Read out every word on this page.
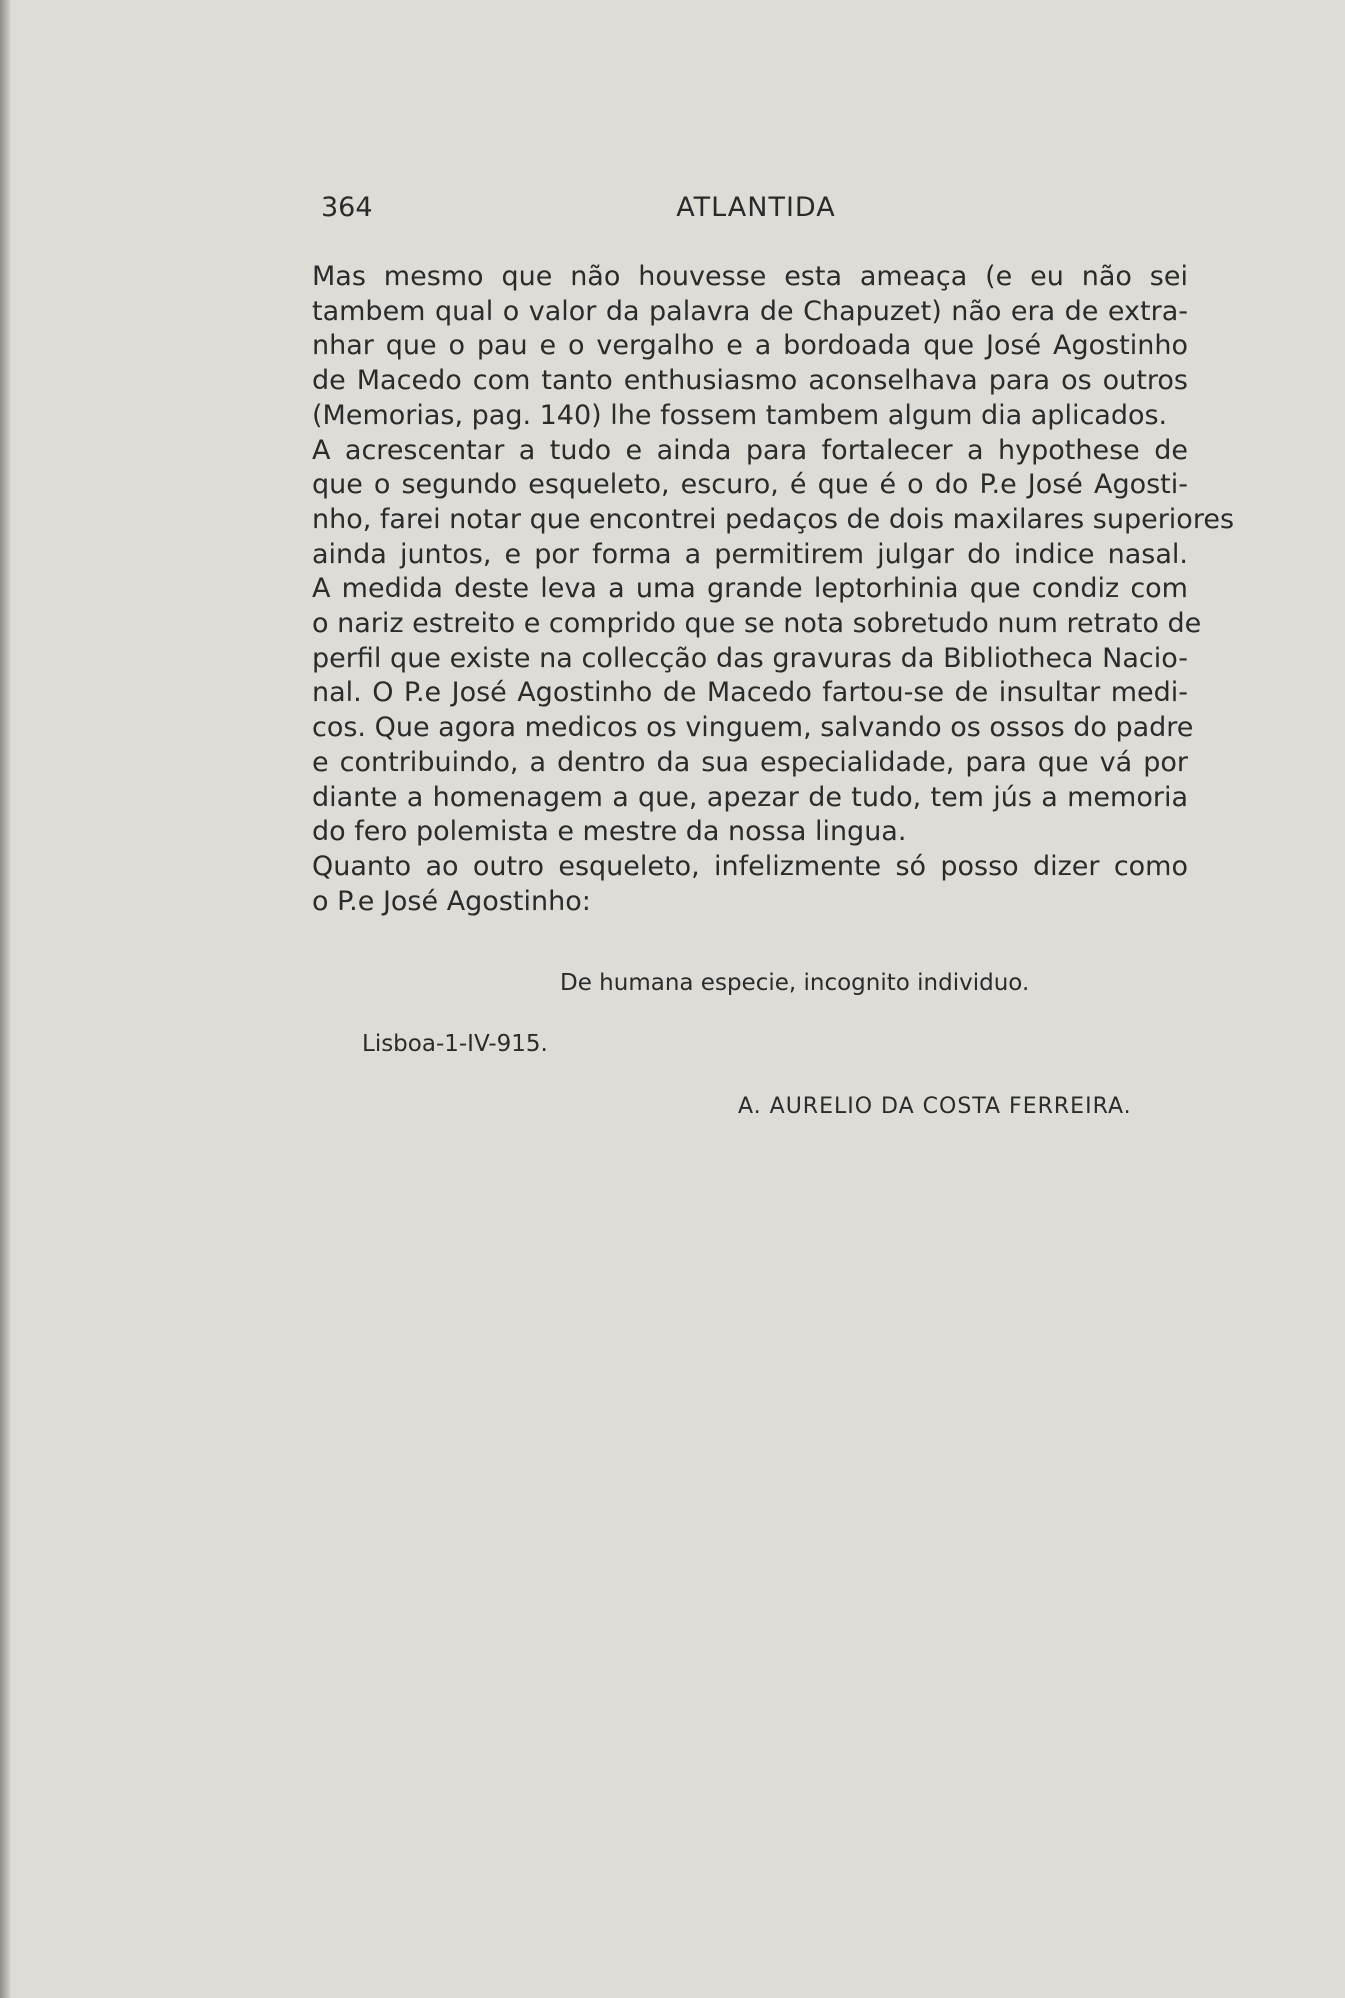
364	ATLANTIDA
Mas mesmo que não houvesse esta ameaça (e eu não sei
tambem qual o valor da palavra de Chapuzet) não era de extra-
nhar que o pau e o vergalho e a bordoada que José Agostinho
de Macedo com tanto enthusiasmo aconselhava para os outros
(Memorias, pag. 140) lhe fossem tambem algum dia aplicados.
A acrescentar a tudo e ainda para fortalecer a hypothese de
que o segundo esqueleto, escuro, é que é o do P.e José Agosti-
nho, farei notar que encontrei pedaços de dois maxilares superiores
ainda juntos, e por forma a permitirem julgar do indice nasal.
A medida deste leva a uma grande leptorhinia que condiz com
o nariz estreito e comprido que se nota sobretudo num retrato de
perfil que existe na collecção das gravuras da Bibliotheca Nacio-
nal. O P.e José Agostinho de Macedo fartou-se de insultar medi-
cos. Que agora medicos os vinguem, salvando os ossos do padre
e contribuindo, a dentro da sua especialidade, para que vá por
diante a homenagem a que, apezar de tudo, tem jús a memoria
do fero polemista e mestre da nossa lingua.
Quanto ao outro esqueleto, infelizmente só posso dizer como
o P.e José Agostinho:
De humana especie, incognito individuo.
Lisboa-1-IV-915.
A. AURELIO DA COSTA FERREIRA.
